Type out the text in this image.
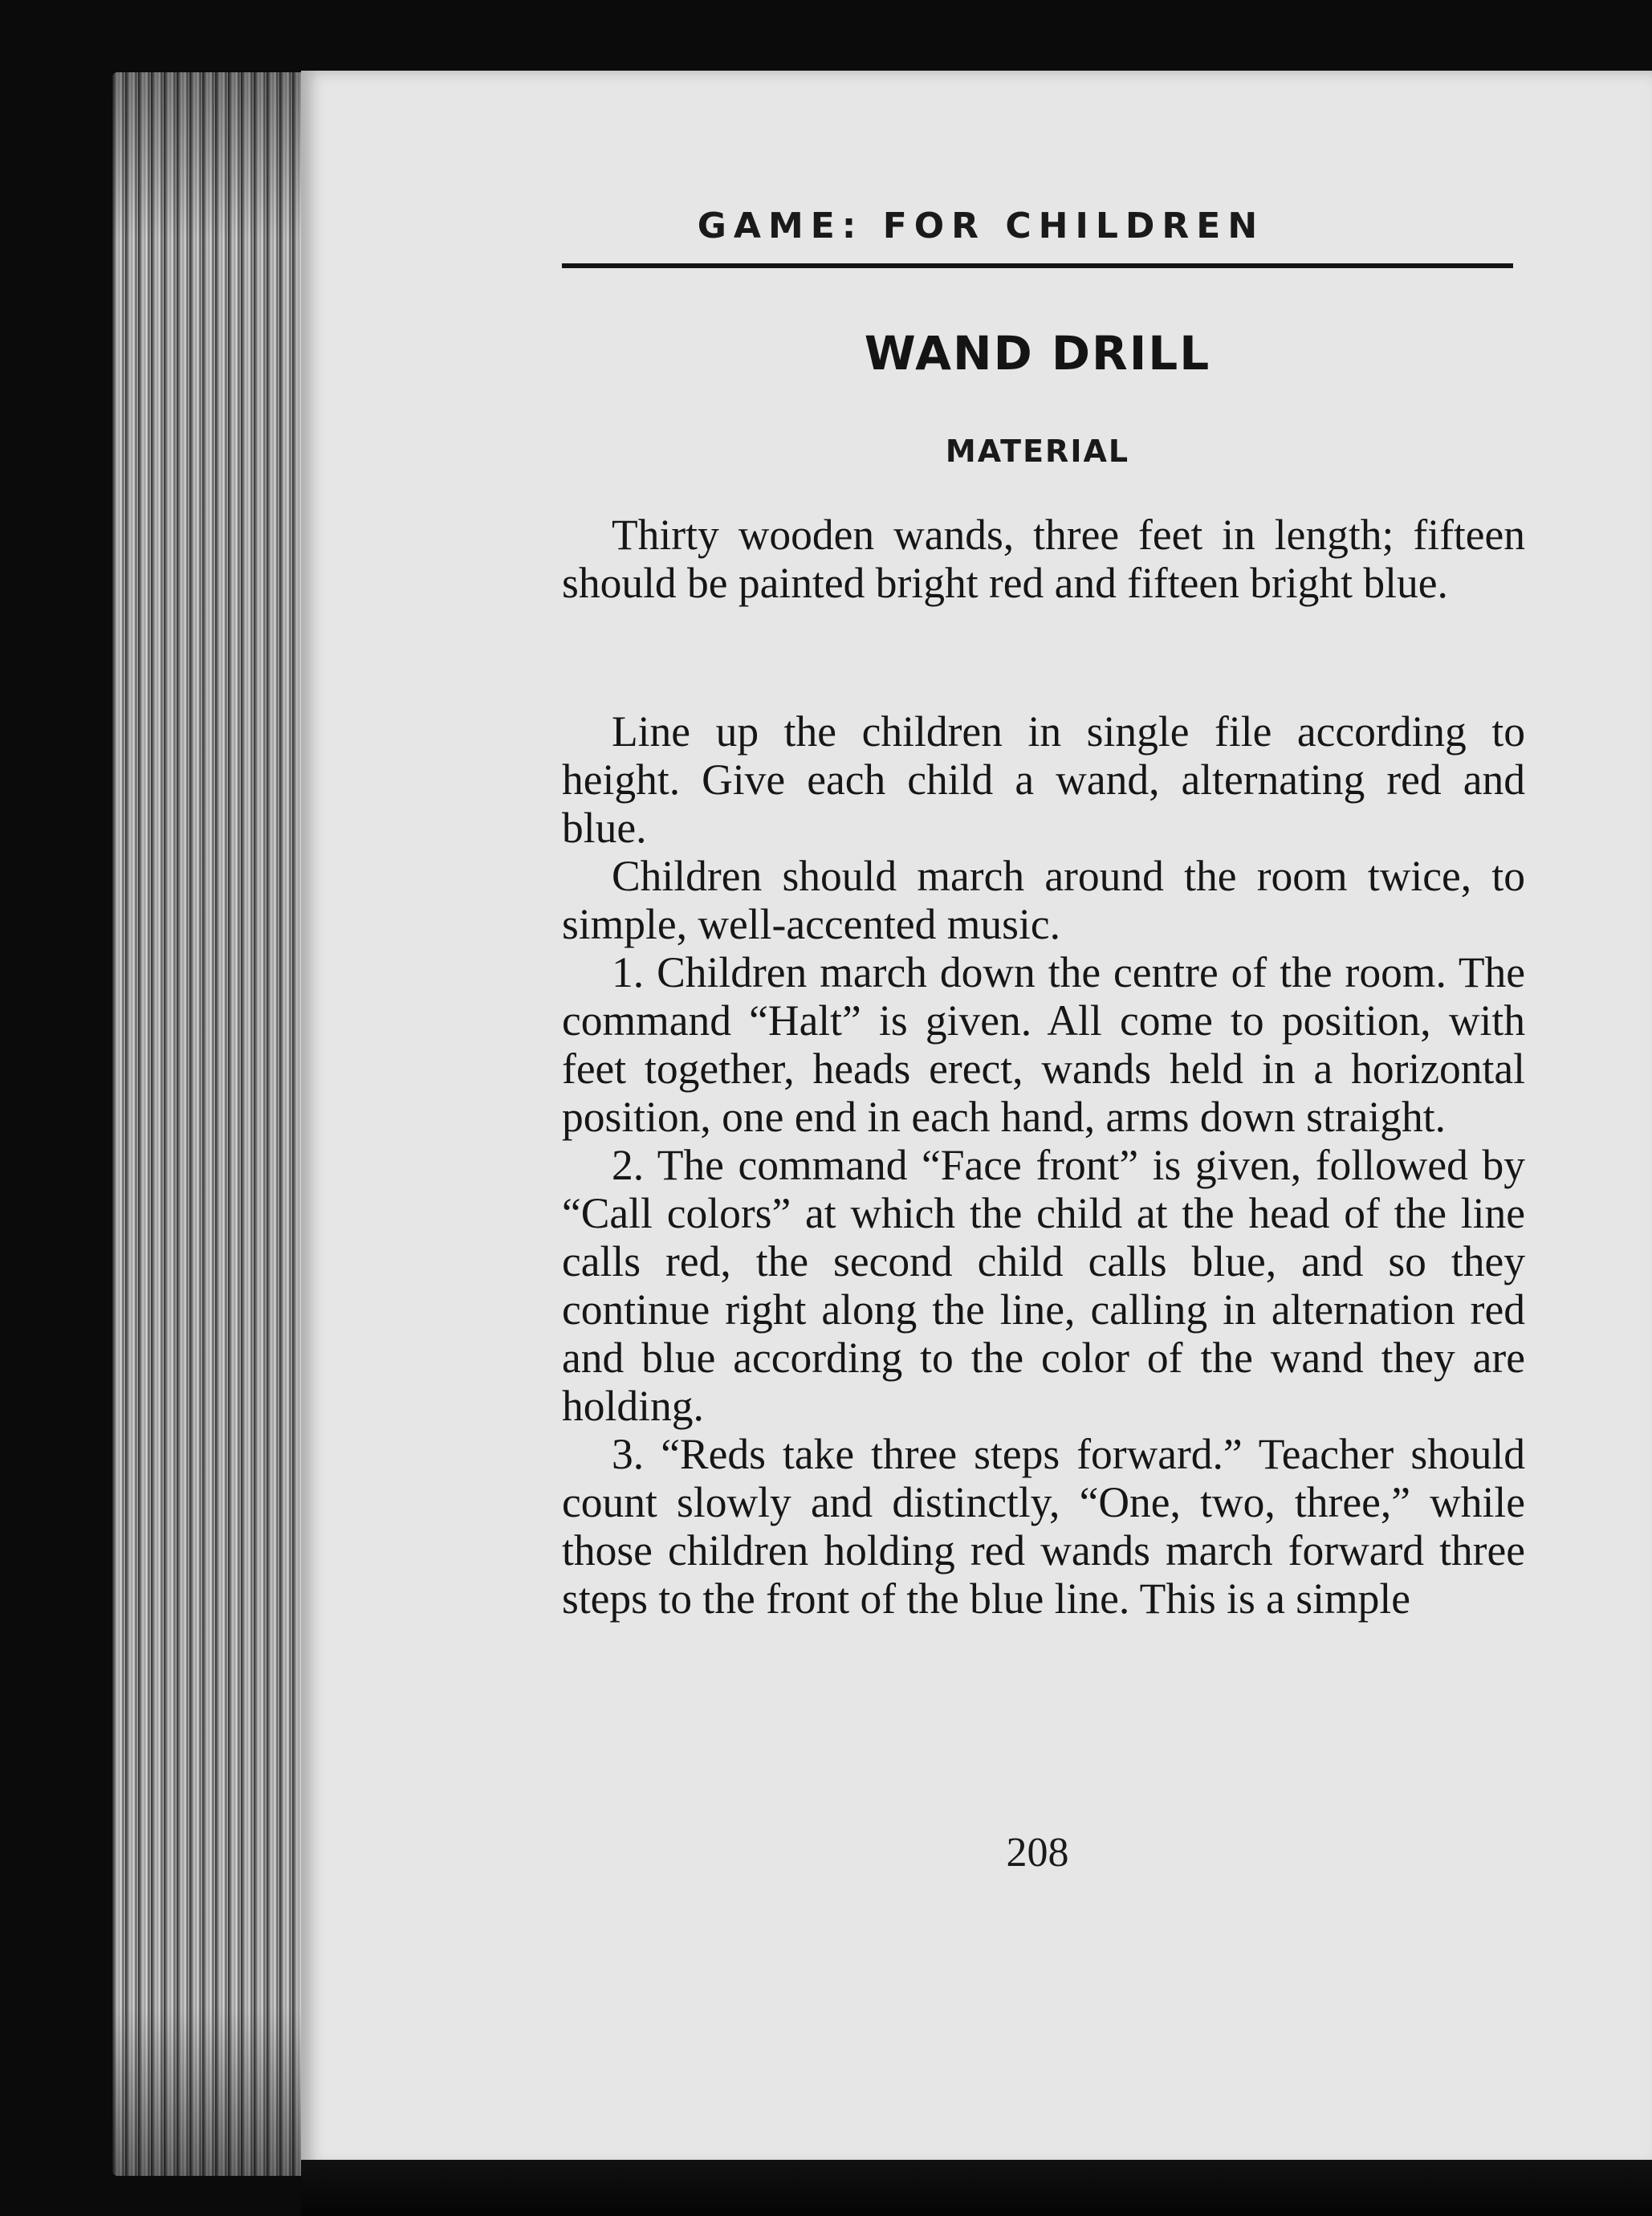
GAME: FOR CHILDREN
WAND DRILL
MATERIAL

Thirty wooden wands, three feet in length; fifteen should be painted bright red and fifteen bright blue.

Line up the children in single file according to height. Give each child a wand, alternating red and blue.

Children should march around the room twice, to simple, well-accented music.

1. Children march down the centre of the room. The command “Halt” is given. All come to position, with feet together, heads erect, wands held in a horizontal position, one end in each hand, arms down straight.

2. The command “Face front” is given, followed by “Call colors” at which the child at the head of the line calls red, the second child calls blue, and so they continue right along the line, calling in alternation red and blue according to the color of the wand they are holding.

3. “Reds take three steps forward.” Teacher should count slowly and distinctly, “One, two, three,” while those children holding red wands march forward three steps to the front of the blue line. This is a simple

208
